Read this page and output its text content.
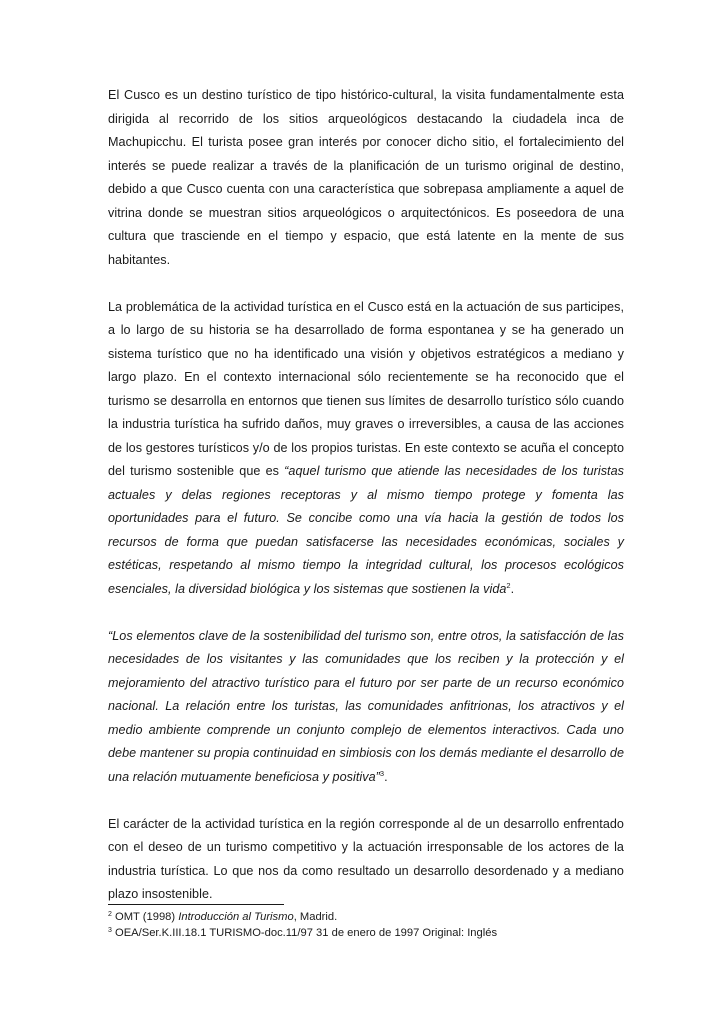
El Cusco es un destino turístico de tipo histórico-cultural, la visita fundamentalmente esta dirigida al recorrido de los sitios arqueológicos destacando la ciudadela inca de Machupicchu. El turista posee gran interés por conocer dicho sitio, el fortalecimiento del interés se puede realizar a través de la planificación de un turismo original de destino, debido a que Cusco cuenta con una característica que sobrepasa ampliamente a aquel de vitrina donde se muestran sitios arqueológicos o arquitectónicos. Es poseedora de una cultura que trasciende en el tiempo y espacio, que está latente en la mente de sus habitantes.

La problemática de la actividad turística en el Cusco está en la actuación de sus participes, a lo largo de su historia se ha desarrollado de forma espontanea y se ha generado un sistema turístico que no ha identificado una visión y objetivos estratégicos a mediano y largo plazo. En el contexto internacional sólo recientemente se ha reconocido que el turismo se desarrolla en entornos que tienen sus límites de desarrollo turístico sólo cuando la industria turística ha sufrido daños, muy graves o irreversibles, a causa de las acciones de los gestores turísticos y/o de los propios turistas. En este contexto se acuña el concepto del turismo sostenible que es “aquel turismo que atiende las necesidades de los turistas actuales y delas regiones receptoras y al mismo tiempo protege y fomenta las oportunidades para el futuro. Se concibe como una vía hacia la gestión de todos los recursos de forma que puedan satisfacerse las necesidades económicas, sociales y estéticas, respetando al mismo tiempo la integridad cultural, los procesos ecológicos esenciales, la diversidad biológica y los sistemas que sostienen la vida$^2$.

“Los elementos clave de la sostenibilidad del turismo son, entre otros, la satisfacción de las necesidades de los visitantes y las comunidades que los reciben y la protección y el mejoramiento del atractivo turístico para el futuro por ser parte de un recurso económico nacional. La relación entre los turistas, las comunidades anfitrionas, los atractivos y el medio ambiente comprende un conjunto complejo de elementos interactivos. Cada uno debe mantener su propia continuidad en simbiosis con los demás mediante el desarrollo de una relación mutuamente beneficiosa y positiva”$^3$.

El carácter de la actividad turística en la región corresponde al de un desarrollo enfrentado con el deseo de un turismo competitivo y la actuación irresponsable de los actores de la industria turística. Lo que nos da como resultado un desarrollo desordenado y a mediano plazo insostenible.

$^2$ OMT (1998) Introducción al Turismo, Madrid.

$^3$ OEA/Ser.K.III.18.1 TURISMO-doc.11/97 31 de enero de 1997 Original: Inglés
